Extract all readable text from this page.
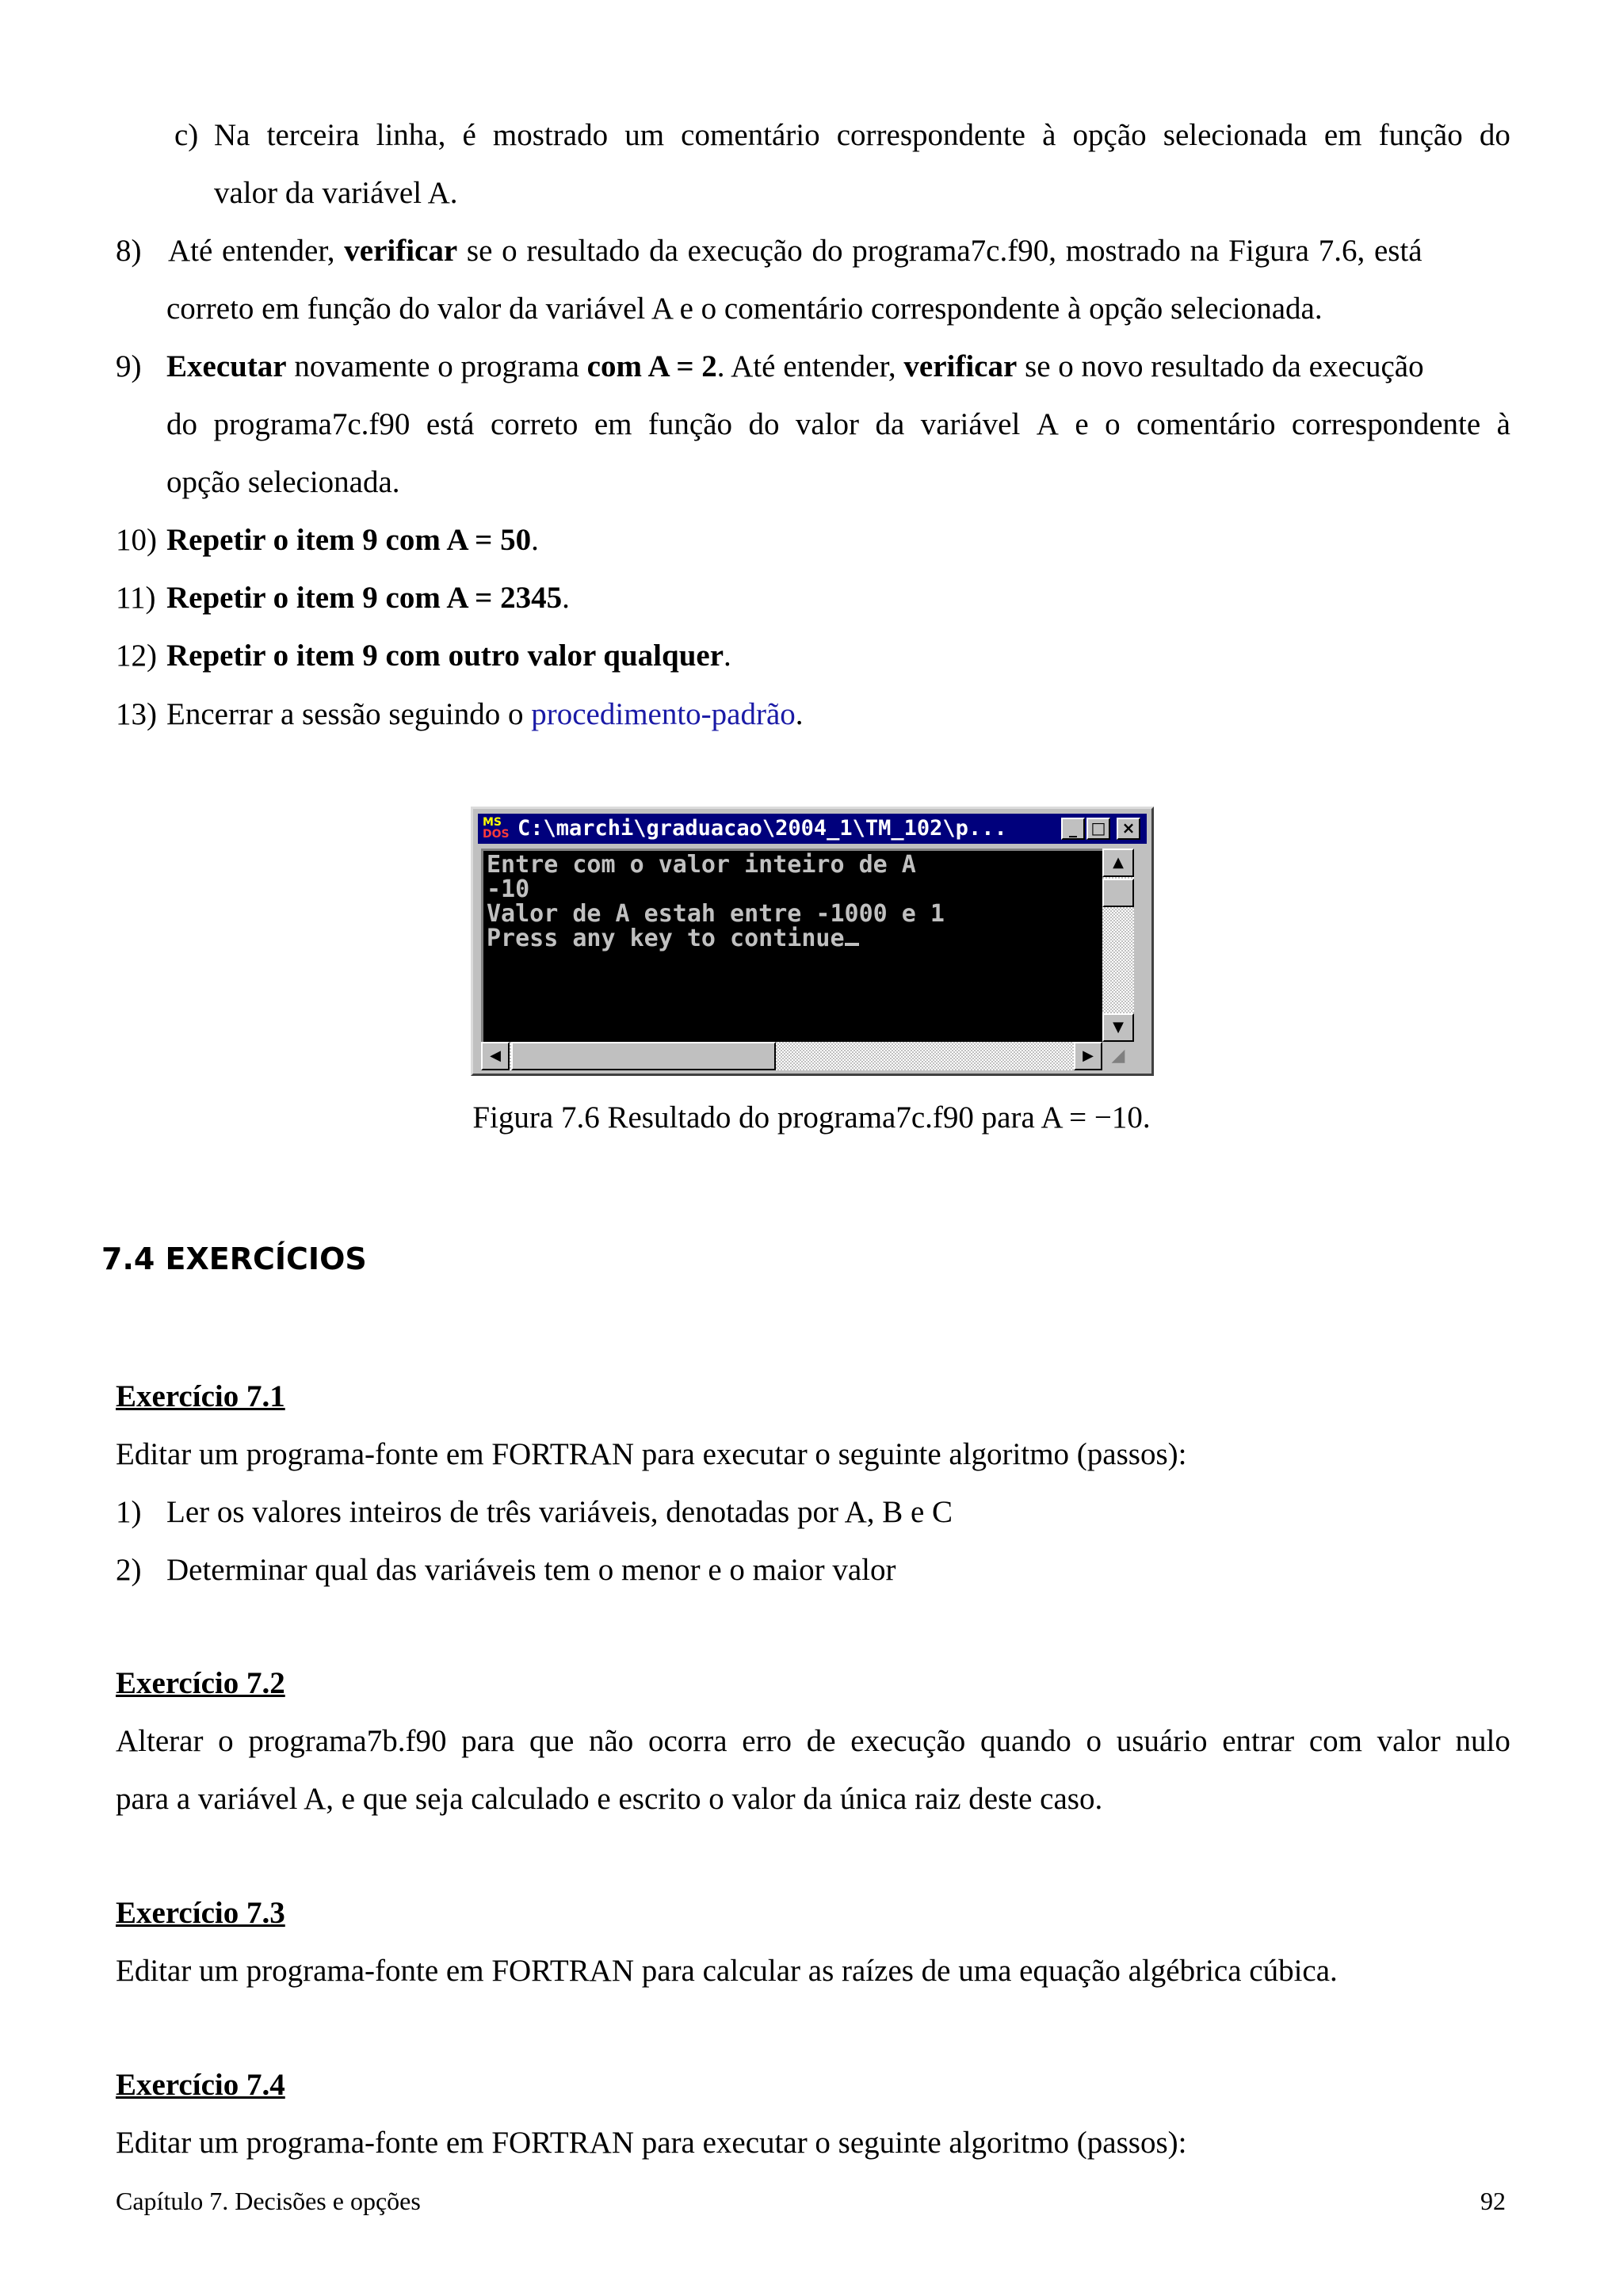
c) Na terceira linha, é mostrado um comentário correspondente à opção selecionada em função do
valor da variável A.
8) Até entender, verificar se o resultado da execução do programa7c.f90, mostrado na Figura 7.6, está
correto em função do valor da variável A e o comentário correspondente à opção selecionada.
9) Executar novamente o programa com A = 2. Até entender, verificar se o novo resultado da execução
do programa7c.f90 está correto em função do valor da variável A e o comentário correspondente à
opção selecionada.
10) Repetir o item 9 com A = 50.
11) Repetir o item 9 com A = 2345.
12) Repetir o item 9 com outro valor qualquer.
13) Encerrar a sessão seguindo o procedimento-padrão.
MS
DOS C:\marchi\graduacao\2004_1\TM_102\p...	_ □	×
Entre com o valor inteiro de A
-10
Valor de A estah entre -1000 e 1
Press any key to continue
▲
▼
◀	▶	◢
Figura 7.6 Resultado do programa7c.f90 para A = −10.
7.4 EXERCÍCIOS
Exercício 7.1
Editar um programa-fonte em FORTRAN para executar o seguinte algoritmo (passos):
1) Ler os valores inteiros de três variáveis, denotadas por A, B e C
2) Determinar qual das variáveis tem o menor e o maior valor
Exercício 7.2
Alterar o programa7b.f90 para que não ocorra erro de execução quando o usuário entrar com valor nulo
para a variável A, e que seja calculado e escrito o valor da única raiz deste caso.
Exercício 7.3
Editar um programa-fonte em FORTRAN para calcular as raízes de uma equação algébrica cúbica.
Exercício 7.4
Editar um programa-fonte em FORTRAN para executar o seguinte algoritmo (passos):
Capítulo 7. Decisões e opções	92
